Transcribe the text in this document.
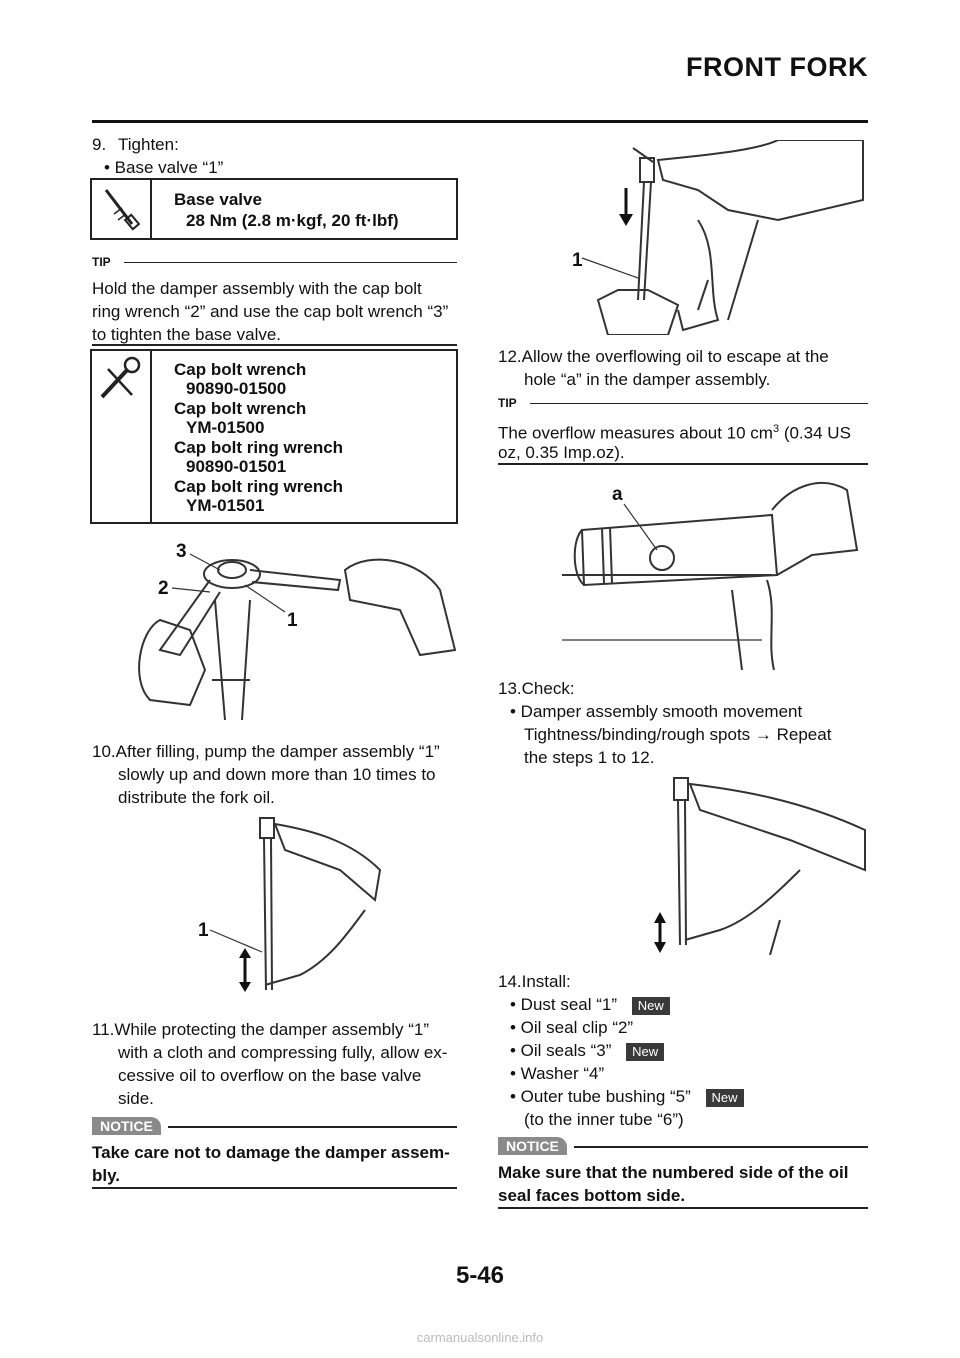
FRONT FORK
9. Tighten:
• Base valve “1”
Base valve
28 Nm (2.8 m·kgf, 20 ft·lbf)
TIP
Hold the damper assembly with the cap bolt
ring wrench “2” and use the cap bolt wrench “3”
to tighten the base valve.
Cap bolt wrench
90890-01500
Cap bolt wrench
YM-01500
Cap bolt ring wrench
90890-01501
Cap bolt ring wrench
YM-01501
3
2
1
10.After filling, pump the damper assembly “1”
slowly up and down more than 10 times to
distribute the fork oil.
1
11.While protecting the damper assembly “1”
with a cloth and compressing fully, allow ex-
cessive oil to overflow on the base valve
side.
NOTICE
Take care not to damage the damper assem-
bly.
1
12.Allow the overflowing oil to escape at the
hole “a” in the damper assembly.
TIP
The overflow measures about 10 $cm^3$ (0.34 US
oz, 0.35 Imp.oz).
a
13.Check:
• Damper assembly smooth movement
Tightness/binding/rough spots → Repeat
the steps 1 to 12.
14.Install:
• Dust seal “1” New
• Oil seal clip “2”
• Oil seals “3” New
• Washer “4”
• Outer tube bushing “5” New
(to the inner tube “6”)
NOTICE
Make sure that the numbered side of the oil
seal faces bottom side.
5-46
carmanualsonline.info
